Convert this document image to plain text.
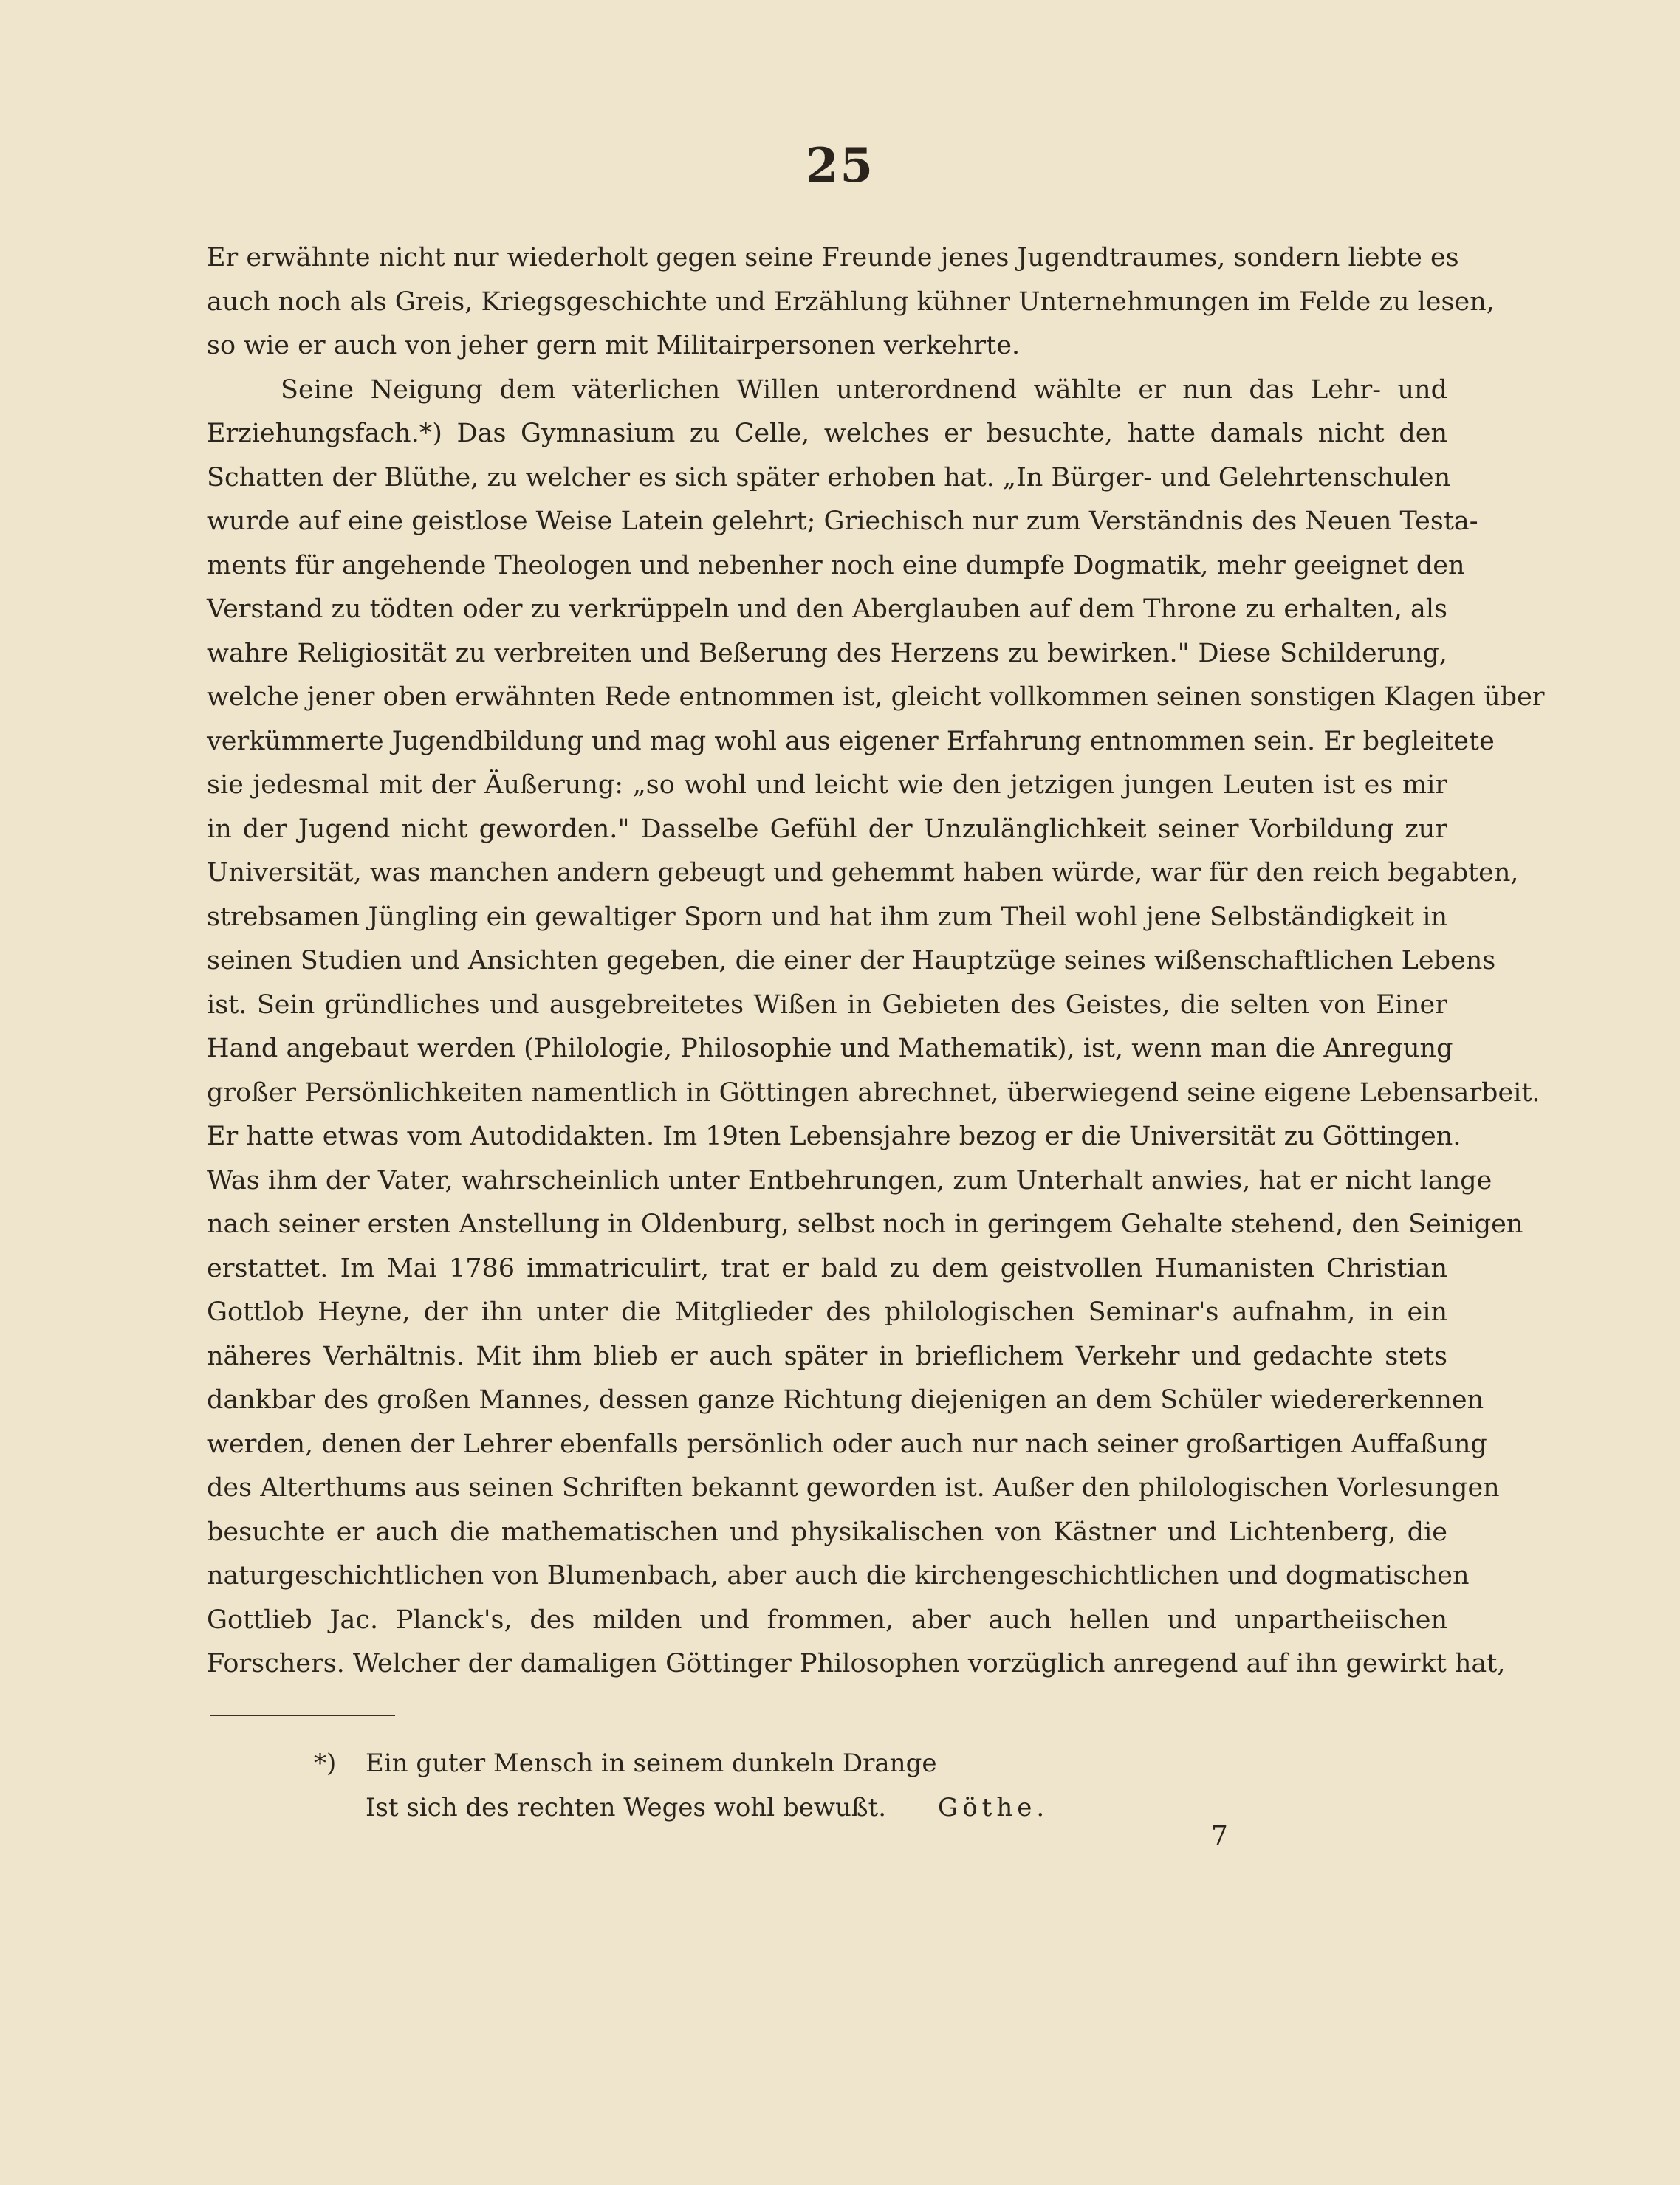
25
Er erwähnte nicht nur wiederholt gegen seine Freunde jenes Jugendtraumes, sondern liebte es
auch noch als Greis, Kriegsgeschichte und Erzählung kühner Unternehmungen im Felde zu lesen,
so wie er auch von jeher gern mit Militairpersonen verkehrte.
Seine Neigung dem väterlichen Willen unterordnend wählte er nun das Lehr- und
Erziehungsfach.*) Das Gymnasium zu Celle, welches er besuchte, hatte damals nicht den
Schatten der Blüthe, zu welcher es sich später erhoben hat. „In Bürger- und Gelehrtenschulen
wurde auf eine geistlose Weise Latein gelehrt; Griechisch nur zum Verständnis des Neuen Testa-
ments für angehende Theologen und nebenher noch eine dumpfe Dogmatik, mehr geeignet den
Verstand zu tödten oder zu verkrüppeln und den Aberglauben auf dem Throne zu erhalten, als
wahre Religiosität zu verbreiten und Beßerung des Herzens zu bewirken." Diese Schilderung,
welche jener oben erwähnten Rede entnommen ist, gleicht vollkommen seinen sonstigen Klagen über
verkümmerte Jugendbildung und mag wohl aus eigener Erfahrung entnommen sein. Er begleitete
sie jedesmal mit der Äußerung: „so wohl und leicht wie den jetzigen jungen Leuten ist es mir
in der Jugend nicht geworden." Dasselbe Gefühl der Unzulänglichkeit seiner Vorbildung zur
Universität, was manchen andern gebeugt und gehemmt haben würde, war für den reich begabten,
strebsamen Jüngling ein gewaltiger Sporn und hat ihm zum Theil wohl jene Selbständigkeit in
seinen Studien und Ansichten gegeben, die einer der Hauptzüge seines wißenschaftlichen Lebens
ist. Sein gründliches und ausgebreitetes Wißen in Gebieten des Geistes, die selten von Einer
Hand angebaut werden (Philologie, Philosophie und Mathematik), ist, wenn man die Anregung
großer Persönlichkeiten namentlich in Göttingen abrechnet, überwiegend seine eigene Lebensarbeit.
Er hatte etwas vom Autodidakten. Im 19ten Lebensjahre bezog er die Universität zu Göttingen.
Was ihm der Vater, wahrscheinlich unter Entbehrungen, zum Unterhalt anwies, hat er nicht lange
nach seiner ersten Anstellung in Oldenburg, selbst noch in geringem Gehalte stehend, den Seinigen
erstattet. Im Mai 1786 immatriculirt, trat er bald zu dem geistvollen Humanisten Christian
Gottlob Heyne, der ihn unter die Mitglieder des philologischen Seminar's aufnahm, in ein
näheres Verhältnis. Mit ihm blieb er auch später in brieflichem Verkehr und gedachte stets
dankbar des großen Mannes, dessen ganze Richtung diejenigen an dem Schüler wiedererkennen
werden, denen der Lehrer ebenfalls persönlich oder auch nur nach seiner großartigen Auffaßung
des Alterthums aus seinen Schriften bekannt geworden ist. Außer den philologischen Vorlesungen
besuchte er auch die mathematischen und physikalischen von Kästner und Lichtenberg, die
naturgeschichtlichen von Blumenbach, aber auch die kirchengeschichtlichen und dogmatischen
Gottlieb Jac. Planck's, des milden und frommen, aber auch hellen und unpartheiischen
Forschers. Welcher der damaligen Göttinger Philosophen vorzüglich anregend auf ihn gewirkt hat,
*) Ein guter Mensch in seinem dunkeln Drange
Ist sich des rechten Weges wohl bewußt. Göthe.
7
